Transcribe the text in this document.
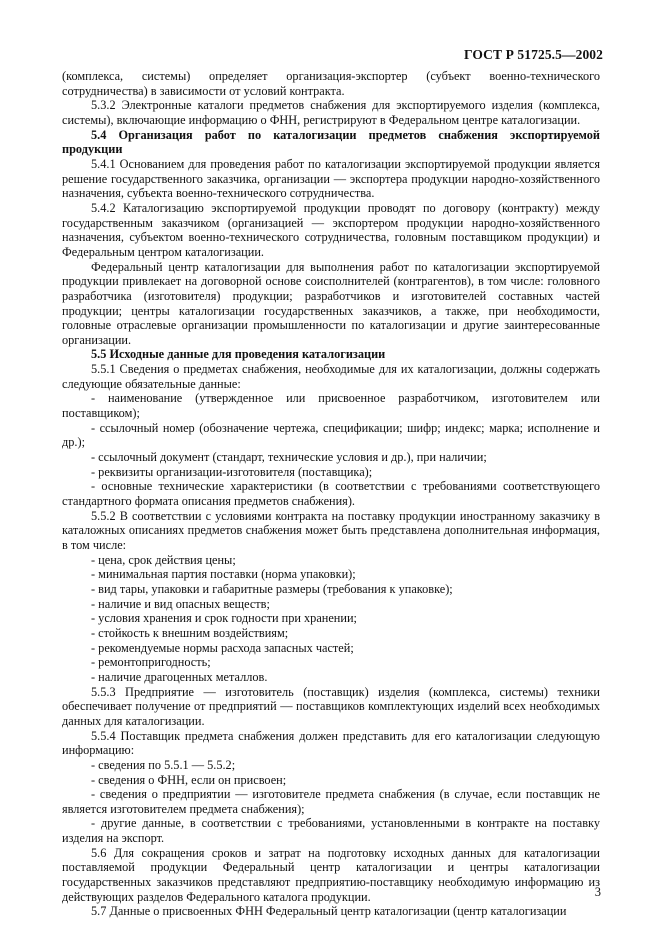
ГОСТ Р 51725.5—2002

(комплекса, системы) определяет организация-экспортер (субъект военно-технического сотрудничества) в зависимости от условий контракта.

5.3.2 Электронные каталоги предметов снабжения для экспортируемого изделия (комплекса, системы), включающие информацию о ФНН, регистрируют в Федеральном центре каталогизации.

5.4 Организация работ по каталогизации предметов снабжения экспортируемой продукции

5.4.1 Основанием для проведения работ по каталогизации экспортируемой продукции является решение государственного заказчика, организации — экспортера продукции народно-хозяйственного назначения, субъекта военно-технического сотрудничества.

5.4.2 Каталогизацию экспортируемой продукции проводят по договору (контракту) между государственным заказчиком (организацией — экспортером продукции народно-хозяйственного назначения, субъектом военно-технического сотрудничества, головным поставщиком продукции) и Федеральным центром каталогизации.

Федеральный центр каталогизации для выполнения работ по каталогизации экспортируемой продукции привлекает на договорной основе соисполнителей (контрагентов), в том числе: головного разработчика (изготовителя) продукции; разработчиков и изготовителей составных частей продукции; центры каталогизации государственных заказчиков, а также, при необходимости, головные отраслевые организации промышленности по каталогизации и другие заинтересованные организации.

5.5 Исходные данные для проведения каталогизации

5.5.1 Сведения о предметах снабжения, необходимые для их каталогизации, должны содержать следующие обязательные данные:

- наименование (утвержденное или присвоенное разработчиком, изготовителем или поставщиком);

- ссылочный номер (обозначение чертежа, спецификации; шифр; индекс; марка; исполнение и др.);

- ссылочный документ (стандарт, технические условия и др.), при наличии;

- реквизиты организации-изготовителя (поставщика);

- основные технические характеристики (в соответствии с требованиями соответствующего стандартного формата описания предметов снабжения).

5.5.2 В соответствии с условиями контракта на поставку продукции иностранному заказчику в каталожных описаниях предметов снабжения может быть представлена дополнительная информация, в том числе:

- цена, срок действия цены;

- минимальная партия поставки (норма упаковки);

- вид тары, упаковки и габаритные размеры (требования к упаковке);

- наличие и вид опасных веществ;

- условия хранения и срок годности при хранении;

- стойкость к внешним воздействиям;

- рекомендуемые нормы расхода запасных частей;

- ремонтопригодность;

- наличие драгоценных металлов.

5.5.3 Предприятие — изготовитель (поставщик) изделия (комплекса, системы) техники обеспечивает получение от предприятий — поставщиков комплектующих изделий всех необходимых данных для каталогизации.

5.5.4 Поставщик предмета снабжения должен представить для его каталогизации следующую информацию:

- сведения по 5.5.1 — 5.5.2;

- сведения о ФНН, если он присвоен;

- сведения о предприятии — изготовителе предмета снабжения (в случае, если поставщик не является изготовителем предмета снабжения);

- другие данные, в соответствии с требованиями, установленными в контракте на поставку изделия на экспорт.

5.6 Для сокращения сроков и затрат на подготовку исходных данных для каталогизации поставляемой продукции Федеральный центр каталогизации и центры каталогизации государственных заказчиков представляют предприятию-поставщику необходимую информацию из действующих разделов Федерального каталога продукции.

5.7 Данные о присвоенных ФНН Федеральный центр каталогизации (центр каталогизации

3
